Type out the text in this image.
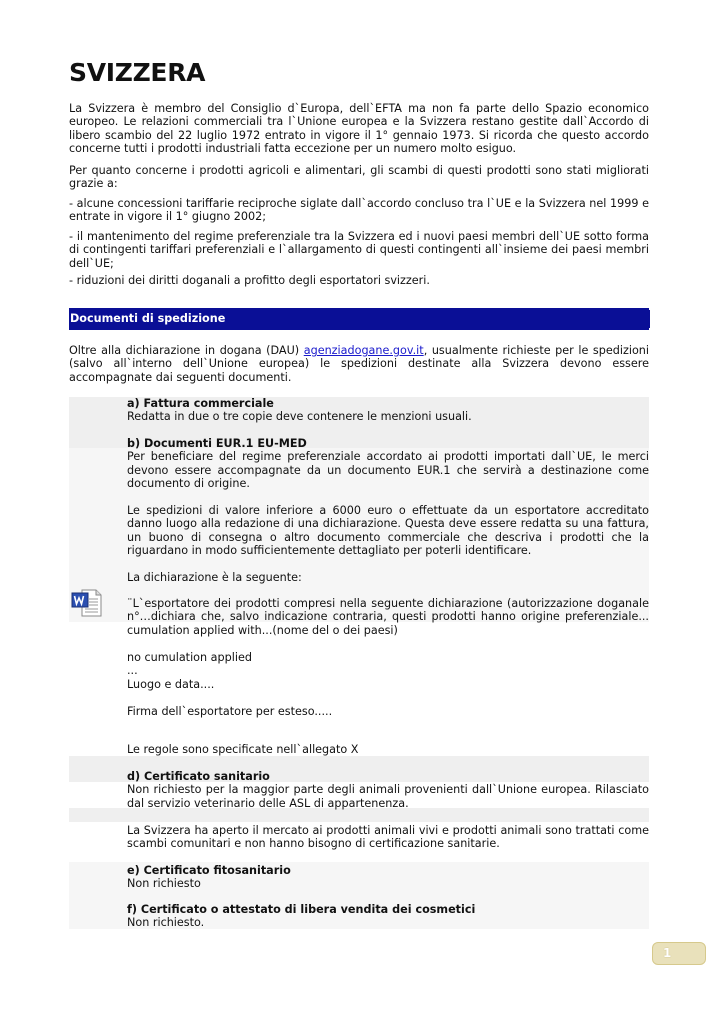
SVIZZERA

La Svizzera è membro del Consiglio d`Europa, dell`EFTA ma non fa parte dello Spazio economico europeo. Le relazioni commerciali tra l`Unione europea e la Svizzera restano gestite dall`Accordo di libero scambio del 22 luglio 1972 entrato in vigore il 1° gennaio 1973. Si ricorda che questo accordo concerne tutti i prodotti industriali fatta eccezione per un numero molto esiguo.

Per quanto concerne i prodotti agricoli e alimentari, gli scambi di questi prodotti sono stati migliorati grazie a:

- alcune concessioni tariffarie reciproche siglate dall`accordo concluso tra l`UE e la Svizzera nel 1999 e entrate in vigore il 1° giugno 2002;

- il mantenimento del regime preferenziale tra la Svizzera ed i nuovi paesi membri dell`UE sotto forma di contingenti tariffari preferenziali e l`allargamento di questi contingenti all`insieme dei paesi membri dell`UE;

- riduzioni dei diritti doganali a profitto degli esportatori svizzeri.

Documenti di spedizione

Oltre alla dichiarazione in dogana (DAU) agenziadogane.gov.it, usualmente richieste per le spedizioni (salvo all`interno dell`Unione europea) le spedizioni destinate alla Svizzera devono essere accompagnate dai seguenti documenti.

a) Fattura commerciale

Redatta in due o tre copie deve contenere le menzioni usuali.

b) Documenti EUR.1 EU-MED

Per beneficiare del regime preferenziale accordato ai prodotti importati dall`UE, le merci devono essere accompagnate da un documento EUR.1 che servirà a destinazione come documento di origine.

Le spedizioni di valore inferiore a 6000 euro o effettuate da un esportatore accreditato danno luogo alla redazione di una dichiarazione. Questa deve essere redatta su una fattura, un buono di consegna o altro documento commerciale che descriva i prodotti che la riguardano in modo sufficientemente dettagliato per poterli identificare.

La dichiarazione è la seguente:

¨L`esportatore dei prodotti compresi nella seguente dichiarazione (autorizzazione doganale n°…dichiara che, salvo indicazione contraria, questi prodotti hanno origine preferenziale... cumulation applied with...(nome del o dei paesi)

no cumulation applied

...

Luogo e data....

Firma dell`esportatore per esteso.....

Le regole sono specificate nell`allegato X

d) Certificato sanitario

Non richiesto per la maggior parte degli animali provenienti dall`Unione europea. Rilasciato dal servizio veterinario delle ASL di appartenenza.

La Svizzera ha aperto il mercato ai prodotti animali vivi e prodotti animali sono trattati come scambi comunitari e non hanno bisogno di certificazione sanitarie.

e) Certificato fitosanitario

Non richiesto

f) Certificato o attestato di libera vendita dei cosmetici

Non richiesto.

1
